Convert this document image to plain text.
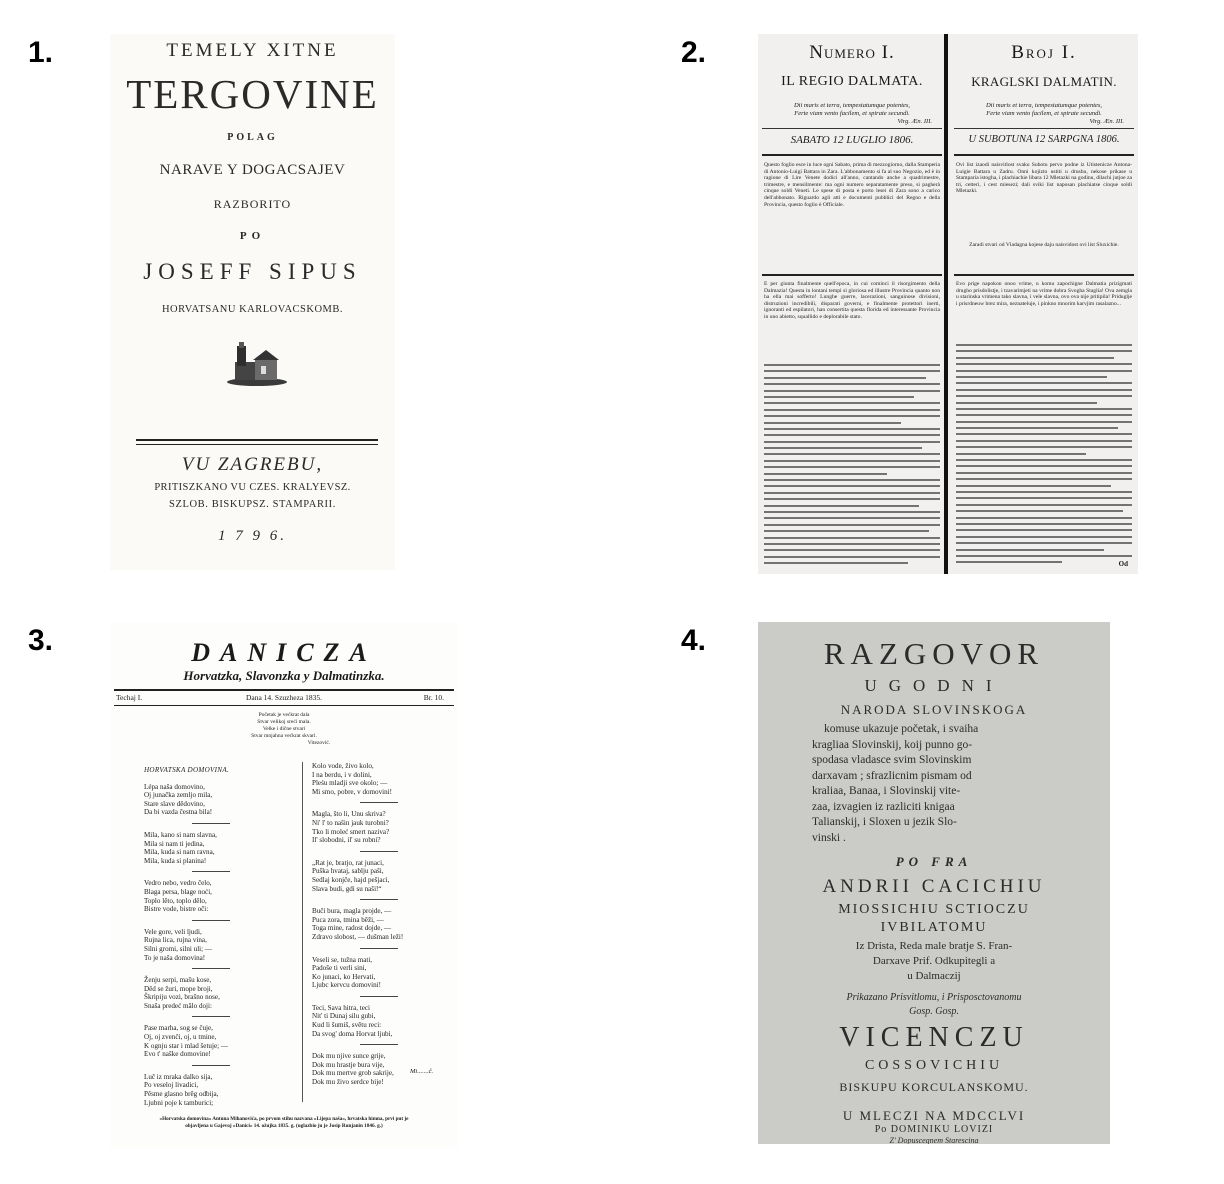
1.	2.
3.	4.
TEMELY XITNE
TERGOVINE
POLAG
NARAVE Y DOGACSAJEV
RAZBORITO
PO
JOSEFF SIPUS
HORVATSANU KARLOVACSKOMB.
VU ZAGREBU,
PRITISZKANO VU CZES. KRALYEVSZ.
SZLOB. BISKUPSZ. STAMPARII.
1 7 9 6.
Numero I.
IL REGIO DALMATA.
Dii maris et terra, tempestatumque potentes,
Ferte viam vento facilem, et spirate secundi.
Virg. Æn. III.
SABATO 12 LUGLIO 1806.
Questo foglio esce in luce ogni Sabato, prima di mezzogiorno, dalla Stamperia di Antonio-Luigi Battara in Zara. L'abbonamento si fa al suo Negozio, ed è in ragione di Lire Venete dodici all'anno, cantando anche a quadrimestre, trimestre, e mensilmente: ma ogni numero separatamente preso, si pagherà cinque soldi Veneti. Le spese di posta e porto lesei di Zara sono a carico dell'abbonato. Riguardo agli atti e documenti pubblici del Regno e della Provincia, questo foglio è Officiale.
E per giunta finalmente quell'epoca, in cui cominci il risorgimento della Dalmazia! Questa in lontani tempi sì gloriosa ed illustre Provincia quanto non ha ella mai sofferto! Lunghe guerre, lacerazioni, sanguinose divisioni, distruzioni incredibili, disparati governi, e finalmente protettori inerti, ignoranti ed espilatori, han consertita questa florida ed interessante Provincia in uno abietto, squallido e deplorabile stato.
Broj I.
KRAGLSKI DALMATIN.
Dii maris et terra, tempestatumque potentes,
Ferte viam vento facilem, et spirate secundi.
Virg. Æn. III.
U SUBOTUNA 12 SARPGNA 1806.
Ovi list izaodi naisvitlost svaku Subotu pervo podne iz Utistenicze Antona-Luigie Battara u Zadru. Onni kojizto ustiti u drusbu, nekose prikase u Stamparia istogha, i plachiachie libara 12 Mletazki na godinu, dilachi jutjoe za tri, cetteri, i cest miesezi; dali sviki list naposan plachiatse cinque soldi Mletazki.
Zaradi stvari od Vladagna kojese daju naisvidost ovi list Sluxichie.
Evo prige napokon onoo vrime, u komu zapochigne Dalmatia prizigmati drugho prisdolistje, i tzavarimjeti na vrime dobra Svogha Staglia! Ova zemgla u starinska vrimena tako slavna, i vele slavna, ovo ova nije pritipila! Priduglje i prisrdneuw brez mira, neznateluje, i pinkno mnorim karvjim rasalazno...
Od
DANICZA
Horvatzka, Slavonzka y Dalmatinzka.
Techaj I.	Dana 14. Szuzheza 1835.	Br. 10.
Početak je većkrat dala
Stvar velikoj sreći mala.
Velke i dične stvari
Stvar mnjahna većkrat skvari.
Vitezović.
HORVATSKA DOMOVINA.
Lépa naša domovino,
Oj junačka zemljo mila,
Stare slave dědovino,
Da bi vazda čestna bila!
Mila, kano si nam slavna,
Mila si nam ti jedina,
Mila, kuda si nam ravna,
Mila, kuda si planina!
Vedro nebo, vedro čelo,
Blaga persa, blage noći,
Toplo lěto, toplo dělo,
Bistre vode, bistre oči:
Vele gore, veli ljudi,
Rujna lica, rujna vina,
Silni gromi, silni uli; —
To je naša domovina!
Ženju serpi, mašu kose,
Děd se žuri, mope broji,
Škripiju vozi, brašno nose,
Snaša predeć mălo doji:
Pase marha, sog se čuje,
Oj, oj zvenči, oj, u tmine,
K ognju star i mlad šetuje; —
Evo t' naške domovine!
Luč iz mraka dalko sija,
Po veseloj livadici,
Pěsme glasno brěg odbija,
Ljubni poje k tamburici;
Kolo vode, živo kolo,
I na berdu, i v dolini,
Pleśu mladji sve okolo; —
Mi smo, pobre, v domovini!
Magla, što li, Unu skriva?
Ni' l' to našin jauk turobni?
Tko li moleć smert naziva?
Il' slobodni, il' su robni?
„Rat je, bratjo, rat junaci,
Puška hvataj, sablju paši,
Sedlaj konjče, hajd pešjaci,
Slava budi, gdi su naši!“
Buči bura, magla projde, —
Puca zora, tmina běži, —
Toga mine, radost dojde, —
Zdravo slobost, — dušman leži!
Veseli se, tužna mati,
Padoše ti verli sini,
Ko junaci, ko Hervati,
Ljubc kervcu domovini!
Teci, Sava hitra, teci
Nit' ti Dunaj silu gubi,
Kud li šumiš, světu reci:
Da svog' doma Horvat ljubi,
Dok mu njive sunce grije,
Dok mu hrastje bura vije,
Dok mu mertve grob sakrije,
Dok mu živo serdce bije!
Mi.......č.
»Horvatska domovina« Antuna Mihanovića, po prvom stihu nazvana »Lijepa naša«, hrvatska himna, prvi put je objavljena u Gajevoj »Danici« 14. ožujka 1835. g. (uglazbio ju je Josip Runjanin 1846. g.)
RAZGOVOR
UGODNI
NARODA SLOVINSKOGA
komuse ukazuje početak, i svaiha
kragliaa Slovinskij, koij punno go-
spodasa vladasce svim Slovinskim
darxavam ; sfrazlicnim pismam od
kraliaa, Banaa, i Slovinskij vite-
zaa, izvagien iz razliciti knigaa
Talianskij, i Sloxen u jezik Slo-
vinski .
PO FRA
ANDRII CACICHIU
MIOSSICHIU SCTIOCZU
IVBILATOMU
Iz Drista, Reda male bratje S. Fran-
Darxave Prif. Odkupitegli a
u Dalmaczij
Prikazano Prisvitlomu, i Prisposctovanomu
Gosp. Gosp.
VICENCZU
COSSOVICHIU
BISKUPU KORCULANSKOMU.
U MLECZI NA MDCCLVI
Po DOMINIKU LOVIZI
Z' Dopuscegnem Starescina
